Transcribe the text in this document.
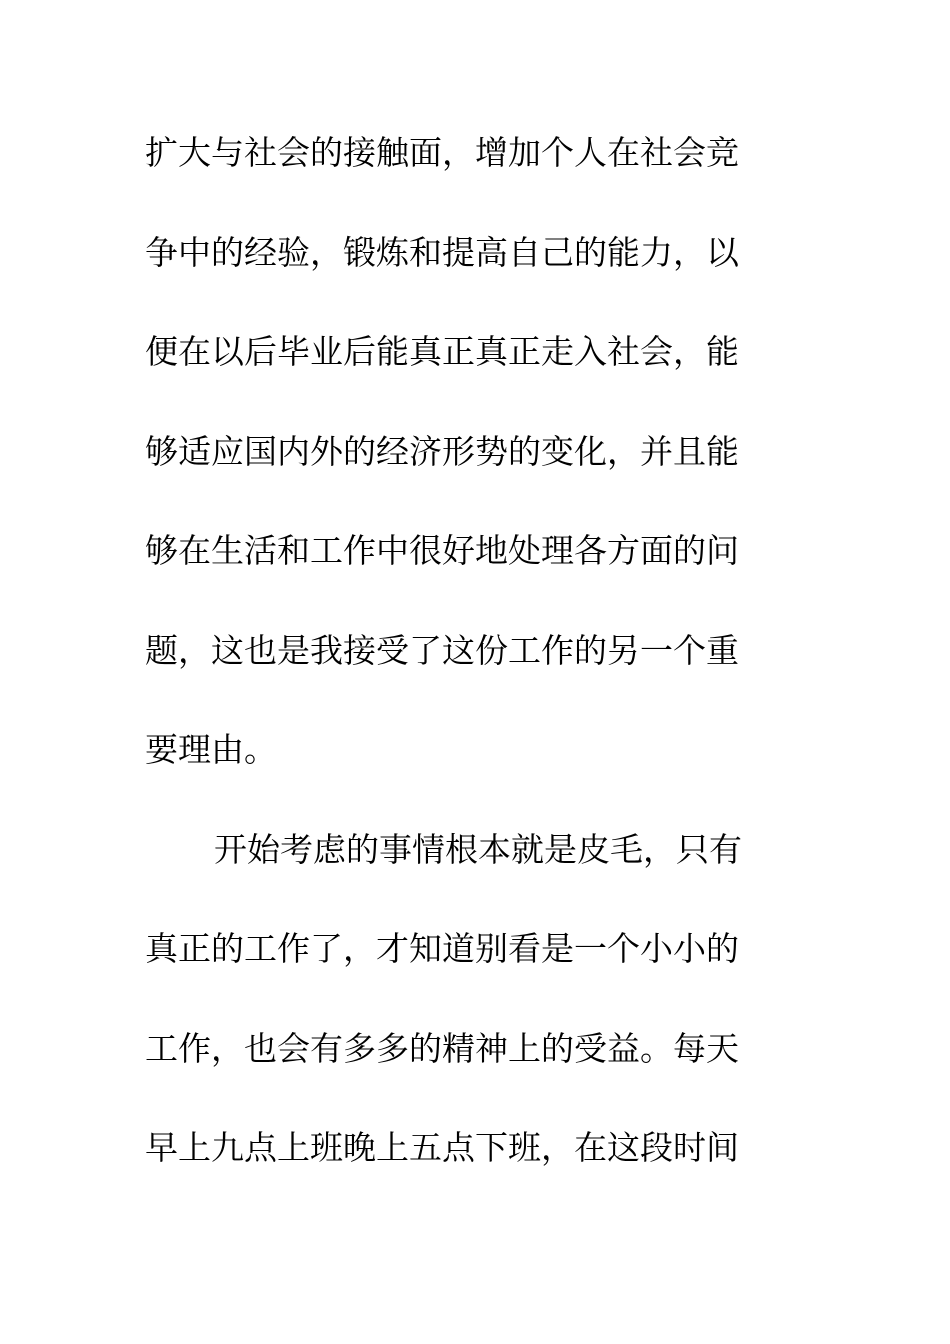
扩大与社会的接触面，增加个人在社会竞
争中的经验，锻炼和提高自己的能力，以
便在以后毕业后能真正真正走入社会，能
够适应国内外的经济形势的变化，并且能
够在生活和工作中很好地处理各方面的问
题，这也是我接受了这份工作的另一个重
要理由。
开始考虑的事情根本就是皮毛，只有
真正的工作了，才知道别看是一个小小的
工作，也会有多多的精神上的受益。每天
早上九点上班晚上五点下班，在这段时间
